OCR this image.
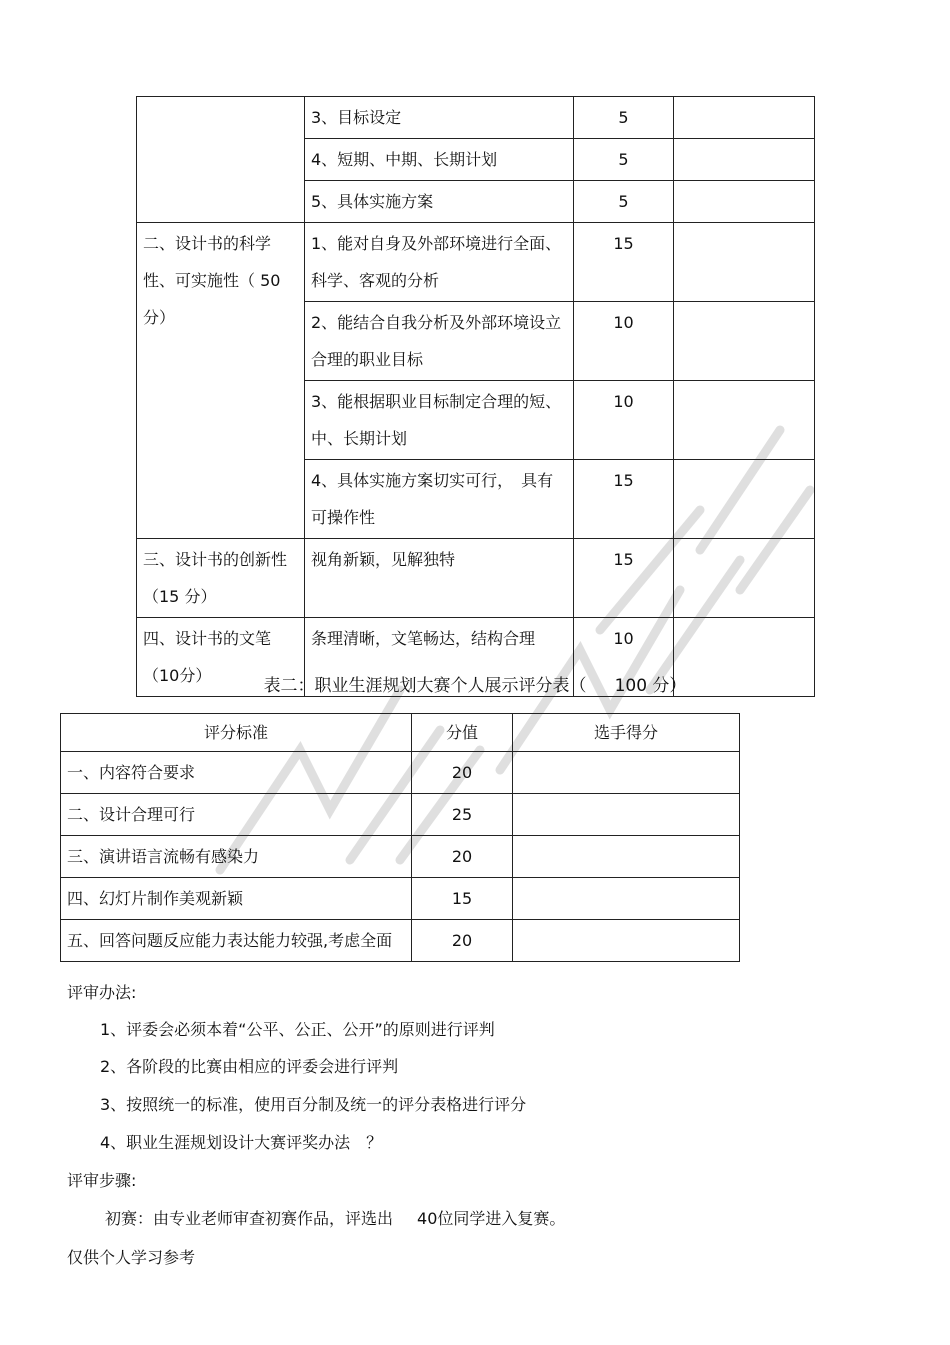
	3、目标设定	5	
	4、短期、中期、长期计划	5	
	5、具体实施方案	5	
二、设计书的科学性、可实施性（ 50分）	1、能对自身及外部环境进行全面、科学、客观的分析	15	
	2、能结合自我分析及外部环境设立合理的职业目标	10	
	3、能根据职业目标制定合理的短、中、长期计划	10	
	4、具体实施方案切实可行，　具有可操作性	15	
三、设计书的创新性（15 分）	视角新颖，见解独特	15	
四、设计书的文笔（10分）	条理清晰，文笔畅达，结构合理	10	
表二：职业生涯规划大赛个人展示评分表（ 100 分）
评分标准	分值	选手得分
一、内容符合要求	20	
二、设计合理可行	25	
三、演讲语言流畅有感染力	20	
四、幻灯片制作美观新颖	15	
五、回答问题反应能力表达能力较强,考虑全面	20	
评审办法:
1、评委会必须本着“公平、公正、公开”的原则进行评判
2、各阶段的比赛由相应的评委会进行评判
3、按照统一的标准，使用百分制及统一的评分表格进行评分
4、职业生涯规划设计大赛评奖办法　？
评审步骤:
初赛：由专业老师审查初赛作品，评选出 40位同学进入复赛。
仅供个人学习参考
